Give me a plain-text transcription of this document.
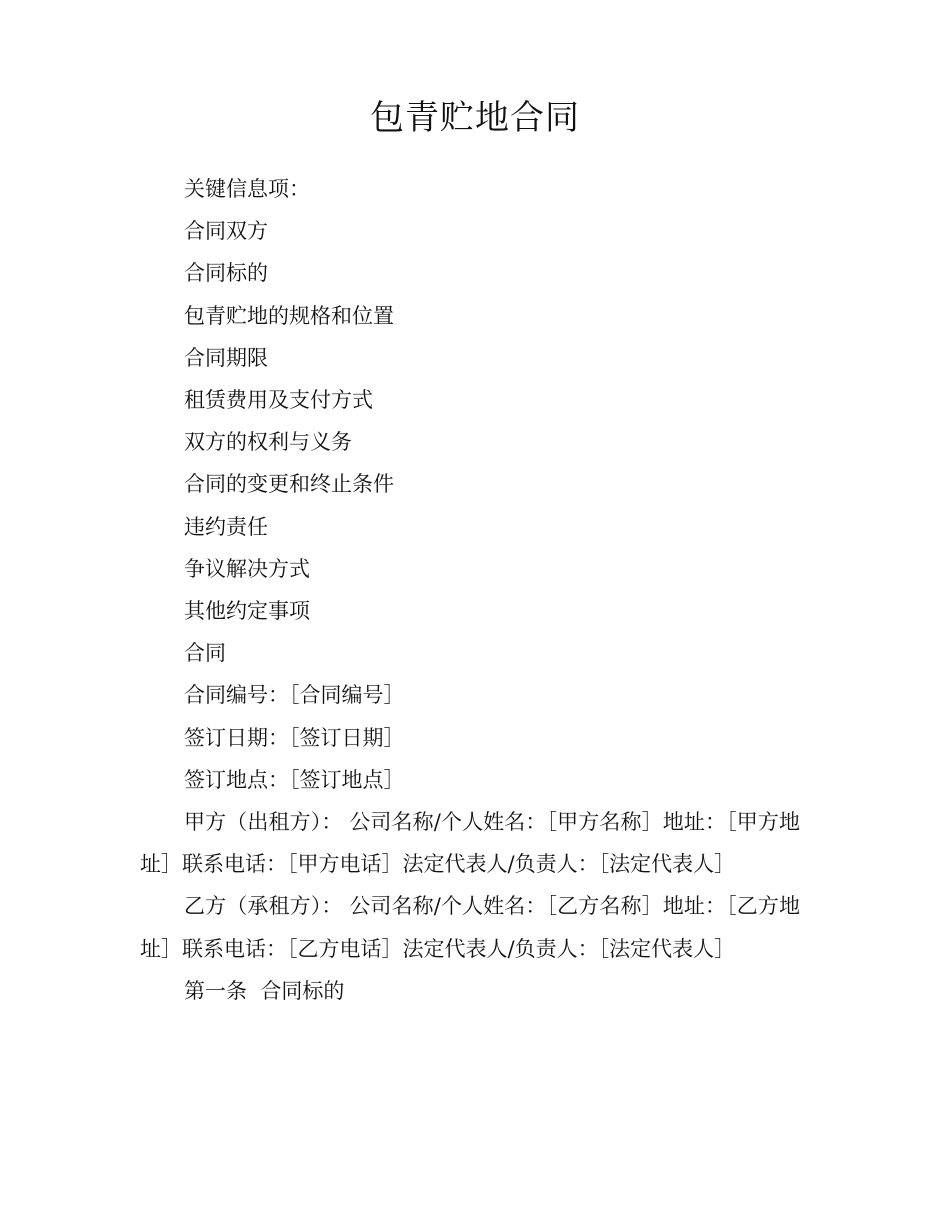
包青贮地合同
关键信息项：
合同双方
合同标的
包青贮地的规格和位置
合同期限
租赁费用及支付方式
双方的权利与义务
合同的变更和终止条件
违约责任
争议解决方式
其他约定事项
合同
合同编号：［合同编号］
签订日期：［签订日期］
签订地点：［签订地点］
甲方（出租方）： 公司名称/个人姓名：［甲方名称］地址：［甲方地址］联系电话：［甲方电话］法定代表人/负责人：［法定代表人］
乙方（承租方）： 公司名称/个人姓名：［乙方名称］地址：［乙方地址］联系电话：［乙方电话］法定代表人/负责人：［法定代表人］
第一条  合同标的
